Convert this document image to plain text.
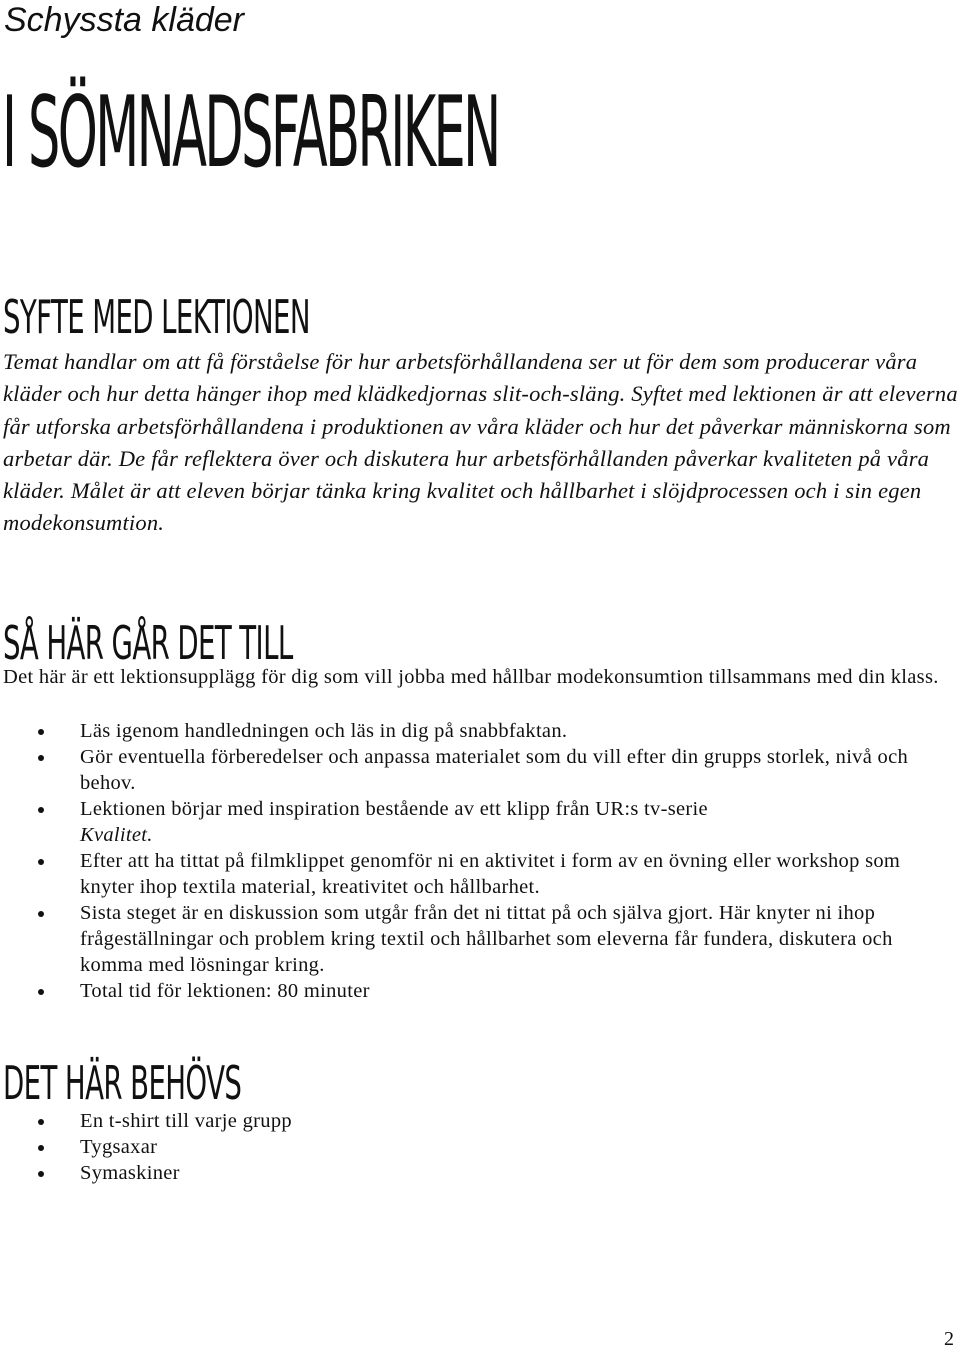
Schyssta kläder

I SÖMNADSFABRIKEN
SYFTE MED LEKTIONEN

Temat handlar om att få förståelse för hur arbetsförhållandena ser ut för dem som producerar våra kläder och hur detta hänger ihop med klädkedjornas slit-och-släng. Syftet med lektionen är att eleverna får utforska arbetsförhållandena i produktionen av våra kläder och hur det påverkar människorna som arbetar där. De får reflektera över och diskutera hur arbetsförhållanden påverkar kvaliteten på våra kläder. Målet är att eleven börjar tänka kring kvalitet och hållbarhet i slöjdprocessen och i sin egen modekonsumtion.

SÅ HÄR GÅR DET TILL

Det här är ett lektionsupplägg för dig som vill jobba med hållbar modekonsumtion tillsammans med din klass.

Läs igenom handledningen och läs in dig på snabbfaktan.
Gör eventuella förberedelser och anpassa materialet som du vill efter din grupps storlek, nivå och behov.
Lektionen börjar med inspiration bestående av ett klipp från UR:s tv-serie
Kvalitet.
Efter att ha tittat på filmklippet genomför ni en aktivitet i form av en övning eller workshop som knyter ihop textila material, kreativitet och hållbarhet.
Sista steget är en diskussion som utgår från det ni tittat på och själva gjort. Här knyter ni ihop frågeställningar och problem kring textil och hållbarhet som eleverna får fundera, diskutera och komma med lösningar kring.
Total tid för lektionen: 80 minuter
DET HÄR BEHÖVS
En t-shirt till varje grupp
Tygsaxar
Symaskiner

2
